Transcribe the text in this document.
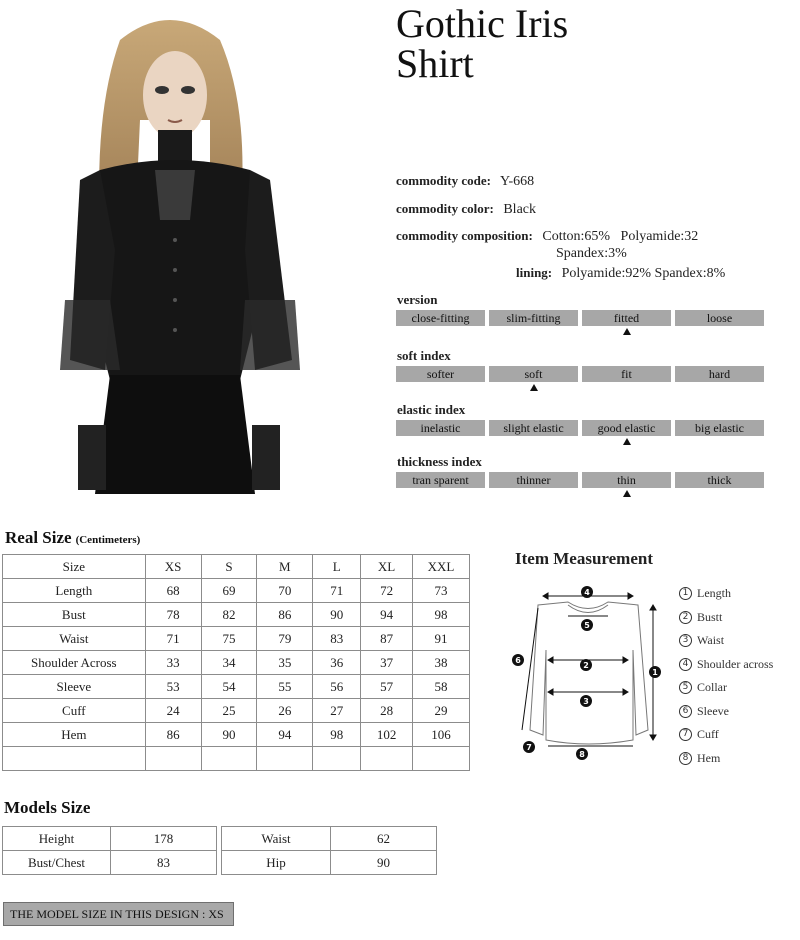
Gothic Iris
Shirt
commodity code: Y-668
commodity color: Black
commodity composition: Cotton:65%   Polyamide:32
Spandex:3%
lining: Polyamide:92% Spandex:8%
version
close-fitting	slim-fitting	fitted	loose
soft index
softer	soft	fit	hard
elastic index
inelastic	slight elastic	good elastic	big elastic
thickness index
tran sparent	thinner	thin	thick
Real Size (Centimeters)
Size	XS	S	M	L	XL	XXL
Length	68	69	70	71	72	73
Bust	78	82	86	90	94	98
Waist	71	75	79	83	87	91
Shoulder Across	33	34	35	36	37	38
Sleeve	53	54	55	56	57	58
Cuff	24	25	26	27	28	29
Hem	86	90	94	98	102	106

Item Measurement
4
5
2
3
1
6
7
8
1 Length
2 Bustt
3 Waist
4 Shoulder across
5 Collar
6 Sleeve
7 Cuff
8 Hem
Models Size
Height	178
Bust/Chest	83
Waist	62
Hip	90
THE MODEL SIZE IN THIS DESIGN : XS
